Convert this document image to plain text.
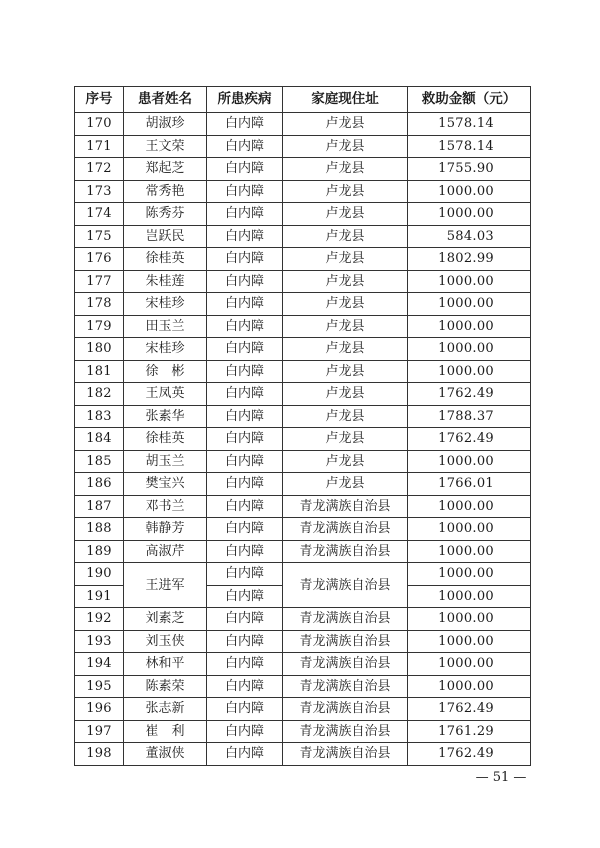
序号	患者姓名	所患疾病	家庭现住址	救助金额（元）
170	胡淑珍	白内障	卢龙县	1578.14
171	王文荣	白内障	卢龙县	1578.14
172	郑起芝	白内障	卢龙县	1755.90
173	常秀艳	白内障	卢龙县	1000.00
174	陈秀芬	白内障	卢龙县	1000.00
175	岂跃民	白内障	卢龙县	584.03
176	徐桂英	白内障	卢龙县	1802.99
177	朱桂莲	白内障	卢龙县	1000.00
178	宋桂珍	白内障	卢龙县	1000.00
179	田玉兰	白内障	卢龙县	1000.00
180	宋桂珍	白内障	卢龙县	1000.00
181	徐　彬	白内障	卢龙县	1000.00
182	王凤英	白内障	卢龙县	1762.49
183	张素华	白内障	卢龙县	1788.37
184	徐桂英	白内障	卢龙县	1762.49
185	胡玉兰	白内障	卢龙县	1000.00
186	樊宝兴	白内障	卢龙县	1766.01
187	邓书兰	白内障	青龙满族自治县	1000.00
188	韩静芳	白内障	青龙满族自治县	1000.00
189	高淑芹	白内障	青龙满族自治县	1000.00
190	王进军	白内障	青龙满族自治县	1000.00
191		白内障		1000.00
192	刘素芝	白内障	青龙满族自治县	1000.00
193	刘玉侠	白内障	青龙满族自治县	1000.00
194	林和平	白内障	青龙满族自治县	1000.00
195	陈素荣	白内障	青龙满族自治县	1000.00
196	张志新	白内障	青龙满族自治县	1762.49
197	崔　利	白内障	青龙满族自治县	1761.29
198	董淑侠	白内障	青龙满族自治县	1762.49
— 51 —
